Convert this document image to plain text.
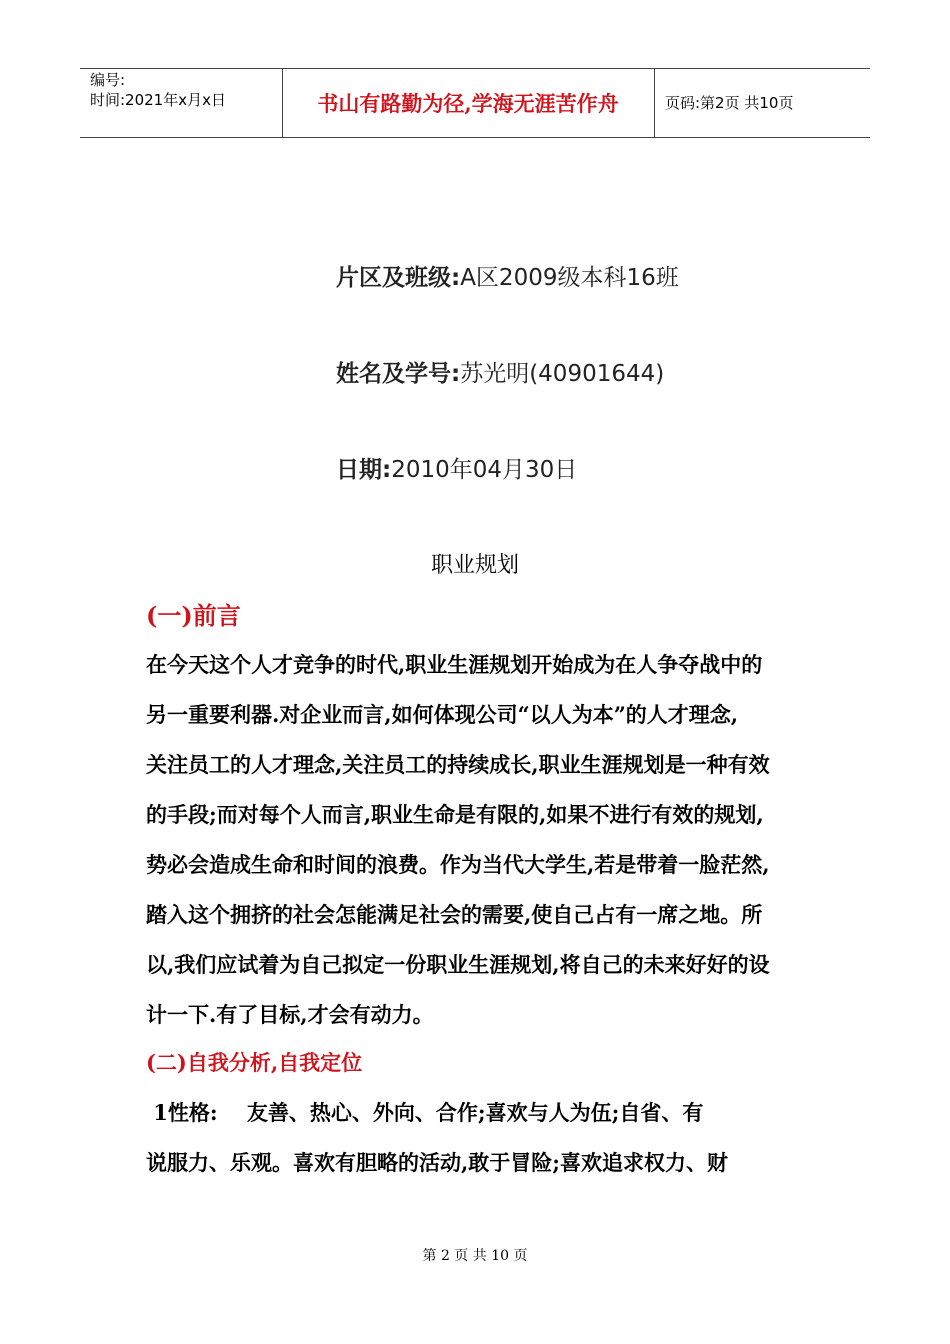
编号:
时间:2021年x月x日	书山有路勤为径,学海无涯苦作舟	页码:第2页 共10页
片区及班级:A区2009级本科16班
姓名及学号:苏光明(40901644)
日期:2010年04月30日
职业规划
(一)前言
在今天这个人才竞争的时代,职业生涯规划开始成为在人争夺战中的
另一重要利器.对企业而言,如何体现公司“以人为本”的人才理念,
关注员工的人才理念,关注员工的持续成长,职业生涯规划是一种有效
的手段;而对每个人而言,职业生命是有限的,如果不进行有效的规划,
势必会造成生命和时间的浪费。作为当代大学生,若是带着一脸茫然,
踏入这个拥挤的社会怎能满足社会的需要,使自己占有一席之地。所
以,我们应试着为自己拟定一份职业生涯规划,将自己的未来好好的设
计一下.有了目标,才会有动力。
(二)自我分析,自我定位
1性格:    友善、热心、外向、合作;喜欢与人为伍;自省、有
说服力、乐观。喜欢有胆略的活动,敢于冒险;喜欢追求权力、财
第 2 页 共 10 页
